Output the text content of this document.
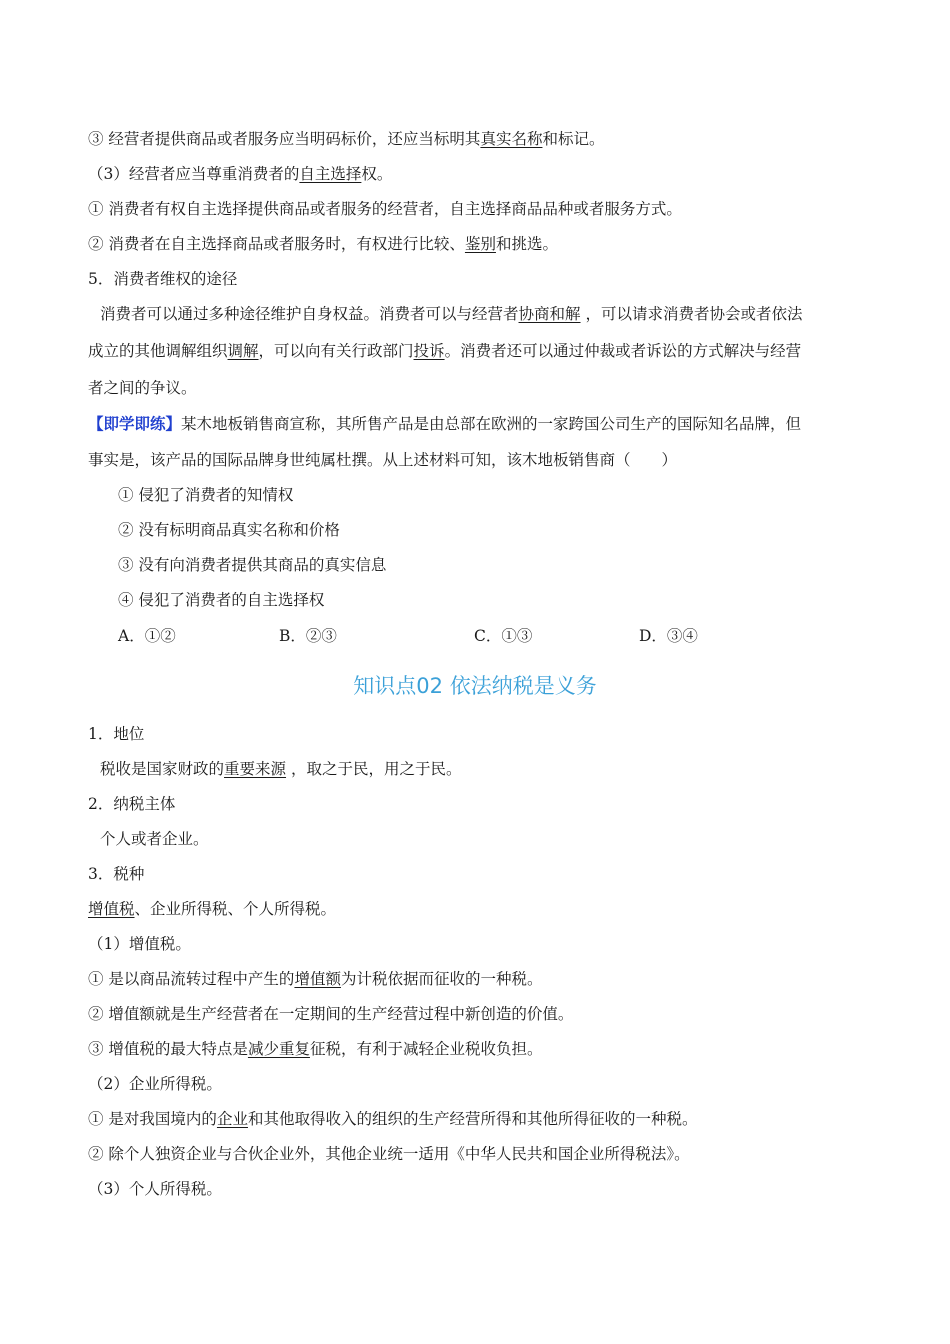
③ 经营者提供商品或者服务应当明码标价，还应当标明其真实名称和标记。
（3）经营者应当尊重消费者的自主选择权。
① 消费者有权自主选择提供商品或者服务的经营者，自主选择商品品种或者服务方式。
② 消费者在自主选择商品或者服务时，有权进行比较、鉴别和挑选。
5．消费者维权的途径
消费者可以通过多种途径维护自身权益。消费者可以与经营者协商和解 ，可以请求消费者协会或者依法
成立的其他调解组织调解，可以向有关行政部门投诉。消费者还可以通过仲裁或者诉讼的方式解决与经营
者之间的争议。
【即学即练】某木地板销售商宣称，其所售产品是由总部在欧洲的一家跨国公司生产的国际知名品牌，但
事实是，该产品的国际品牌身世纯属杜撰。从上述材料可知，该木地板销售商（　　）
① 侵犯了消费者的知情权
② 没有标明商品真实名称和价格
③ 没有向消费者提供其商品的真实信息
④ 侵犯了消费者的自主选择权
A．①②	B．②③	C．①③	D．③④
知识点02 依法纳税是义务
1．地位
税收是国家财政的重要来源 ，取之于民，用之于民。
2．纳税主体
个人或者企业。
3．税种
增值税、企业所得税、个人所得税。
（1）增值税。
① 是以商品流转过程中产生的增值额为计税依据而征收的一种税。
② 增值额就是生产经营者在一定期间的生产经营过程中新创造的价值。
③ 增值税的最大特点是减少重复征税，有利于减轻企业税收负担。
（2）企业所得税。
① 是对我国境内的企业和其他取得收入的组织的生产经营所得和其他所得征收的一种税。
② 除个人独资企业与合伙企业外，其他企业统一适用《中华人民共和国企业所得税法》。
（3）个人所得税。
